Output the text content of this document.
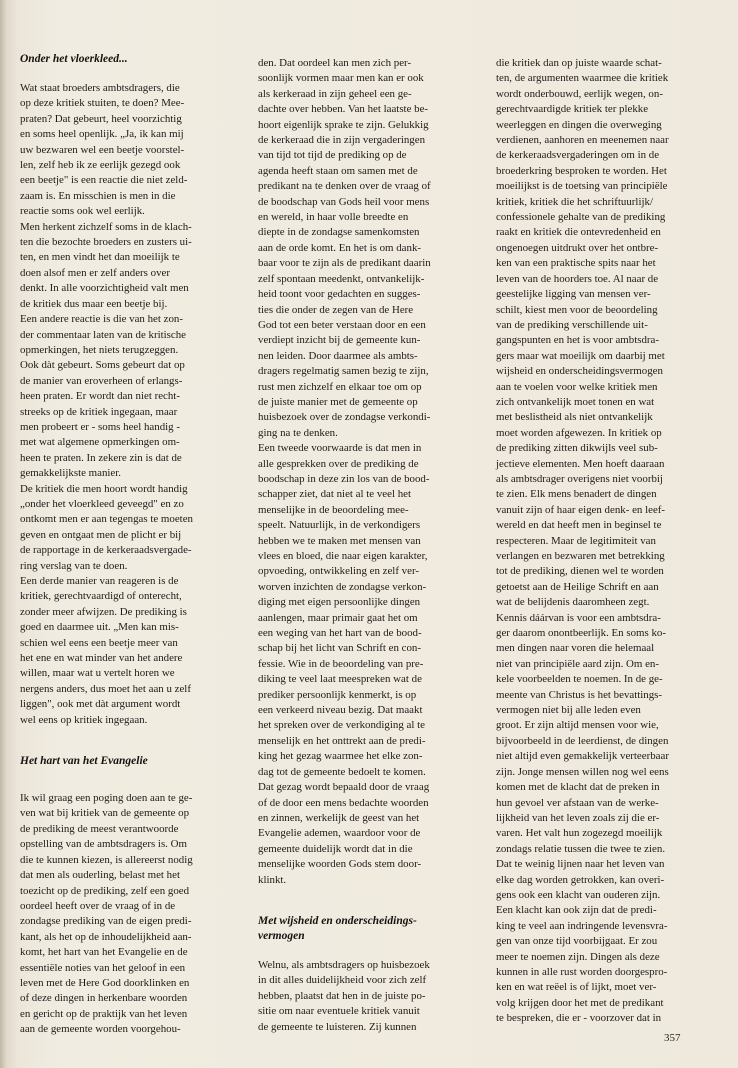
Onder het vloerkleed...

Wat staat broeders ambtsdragers, die
op deze kritiek stuiten, te doen? Mee-
praten? Dat gebeurt, heel voorzichtig
en soms heel openlijk. „Ja, ik kan mij
uw bezwaren wel een beetje voorstel-
len, zelf heb ik ze eerlijk gezegd ook
een beetje" is een reactie die niet zeld-
zaam is. En misschien is men in die
reactie soms ook wel eerlijk.
Men herkent zichzelf soms in de klach-
ten die bezochte broeders en zusters ui-
ten, en men vindt het dan moeilijk te
doen alsof men er zelf anders over
denkt. In alle voorzichtigheid valt men
de kritiek dus maar een beetje bij.
Een andere reactie is die van het zon-
der commentaar laten van de kritische
opmerkingen, het niets terugzeggen.
Ook dàt gebeurt. Soms gebeurt dat op
de manier van eroverheen of erlangs-
heen praten. Er wordt dan niet recht-
streeks op de kritiek ingegaan, maar
men probeert er - soms heel handig -
met wat algemene opmerkingen om-
heen te praten. In zekere zin is dat de
gemakkelijkste manier.
De kritiek die men hoort wordt handig
„onder het vloerkleed geveegd" en zo
ontkomt men er aan tegengas te moeten
geven en ontgaat men de plicht er bij
de rapportage in de kerkeraadsvergade-
ring verslag van te doen.
Een derde manier van reageren is de
kritiek, gerechtvaardigd of onterecht,
zonder meer afwijzen. De prediking is
goed en daarmee uit. „Men kan mis-
schien wel eens een beetje meer van
het ene en wat minder van het andere
willen, maar wat u vertelt horen we
nergens anders, dus moet het aan u zelf
liggen", ook met dàt argument wordt
wel eens op kritiek ingegaan.

Het hart van het Evangelie

Ik wil graag een poging doen aan te ge-
ven wat bij kritiek van de gemeente op
de prediking de meest verantwoorde
opstelling van de ambtsdragers is. Om
die te kunnen kiezen, is allereerst nodig
dat men als ouderling, belast met het
toezicht op de prediking, zelf een goed
oordeel heeft over de vraag of in de
zondagse prediking van de eigen predi-
kant, als het op de inhoudelijkheid aan-
komt, het hart van het Evangelie en de
essentiële noties van het geloof in een
leven met de Here God doorklinken en
of deze dingen in herkenbare woorden
en gericht op de praktijk van het leven
aan de gemeente worden voorgehou-

den. Dat oordeel kan men zich per-
soonlijk vormen maar men kan er ook
als kerkeraad in zijn geheel een ge-
dachte over hebben. Van het laatste be-
hoort eigenlijk sprake te zijn. Gelukkig
de kerkeraad die in zijn vergaderingen
van tijd tot tijd de prediking op de
agenda heeft staan om samen met de
predikant na te denken over de vraag of
de boodschap van Gods heil voor mens
en wereld, in haar volle breedte en
diepte in de zondagse samenkomsten
aan de orde komt. En het is om dank-
baar voor te zijn als de predikant daarin
zelf spontaan meedenkt, ontvankelijk-
heid toont voor gedachten en sugges-
ties die onder de zegen van de Here
God tot een beter verstaan door en een
verdiept inzicht bij de gemeente kun-
nen leiden. Door daarmee als ambts-
dragers regelmatig samen bezig te zijn,
rust men zichzelf en elkaar toe om op
de juiste manier met de gemeente op
huisbezoek over de zondagse verkondi-
ging na te denken.
Een tweede voorwaarde is dat men in
alle gesprekken over de prediking de
boodschap in deze zin los van de bood-
schapper ziet, dat niet al te veel het
menselijke in de beoordeling mee-
speelt. Natuurlijk, in de verkondigers
hebben we te maken met mensen van
vlees en bloed, die naar eigen karakter,
opvoeding, ontwikkeling en zelf ver-
worven inzichten de zondagse verkon-
diging met eigen persoonlijke dingen
aanlengen, maar primair gaat het om
een weging van het hart van de bood-
schap bij het licht van Schrift en con-
fessie. Wie in de beoordeling van pre-
diking te veel laat meespreken wat de
prediker persoonlijk kenmerkt, is op
een verkeerd niveau bezig. Dat maakt
het spreken over de verkondiging al te
menselijk en het onttrekt aan de predi-
king het gezag waarmee het elke zon-
dag tot de gemeente bedoelt te komen.
Dat gezag wordt bepaald door de vraag
of de door een mens bedachte woorden
en zinnen, werkelijk de geest van het
Evangelie ademen, waardoor voor de
gemeente duidelijk wordt dat in die
menselijke woorden Gods stem door-
klinkt.

Met wijsheid en onderscheidings-
vermogen

Welnu, als ambtsdragers op huisbezoek
in dit alles duidelijkheid voor zich zelf
hebben, plaatst dat hen in de juiste po-
sitie om naar eventuele kritiek vanuit
de gemeente te luisteren. Zij kunnen

die kritiek dan op juiste waarde schat-
ten, de argumenten waarmee die kritiek
wordt onderbouwd, eerlijk wegen, on-
gerechtvaardigde kritiek ter plekke
weerleggen en dingen die overweging
verdienen, aanhoren en meenemen naar
de kerkeraadsvergaderingen om in de
broederkring besproken te worden. Het
moeilijkst is de toetsing van principiële
kritiek, kritiek die het schriftuurlijk/
confessionele gehalte van de prediking
raakt en kritiek die ontevredenheid en
ongenoegen uitdrukt over het ontbre-
ken van een praktische spits naar het
leven van de hoorders toe. Al naar de
geestelijke ligging van mensen ver-
schilt, kiest men voor de beoordeling
van de prediking verschillende uit-
gangspunten en het is voor ambtsdra-
gers maar wat moeilijk om daarbij met
wijsheid en onderscheidingsvermogen
aan te voelen voor welke kritiek men
zich ontvankelijk moet tonen en wat
met beslistheid als niet ontvankelijk
moet worden afgewezen. In kritiek op
de prediking zitten dikwijls veel sub-
jectieve elementen. Men hoeft daaraan
als ambtsdrager overigens niet voorbij
te zien. Elk mens benadert de dingen
vanuit zijn of haar eigen denk- en leef-
wereld en dat heeft men in beginsel te
respecteren. Maar de legitimiteit van
verlangen en bezwaren met betrekking
tot de prediking, dienen wel te worden
getoetst aan de Heilige Schrift en aan
wat de belijdenis daaromheen zegt.
Kennis dáárvan is voor een ambtsdra-
ger daarom onontbeerlijk. En soms ko-
men dingen naar voren die helemaal
niet van principiële aard zijn. Om en-
kele voorbeelden te noemen. In de ge-
meente van Christus is het bevattings-
vermogen niet bij alle leden even
groot. Er zijn altijd mensen voor wie,
bijvoorbeeld in de leerdienst, de dingen
niet altijd even gemakkelijk verteerbaar
zijn. Jonge mensen willen nog wel eens
komen met de klacht dat de preken in
hun gevoel ver afstaan van de werke-
lijkheid van het leven zoals zij die er-
varen. Het valt hun zogezegd moeilijk
zondags relatie tussen die twee te zien.
Dat te weinig lijnen naar het leven van
elke dag worden getrokken, kan overi-
gens ook een klacht van ouderen zijn.
Een klacht kan ook zijn dat de predi-
king te veel aan indringende levensvra-
gen van onze tijd voorbijgaat. Er zou
meer te noemen zijn. Dingen als deze
kunnen in alle rust worden doorgespro-
ken en wat reëel is of lijkt, moet ver-
volg krijgen door het met de predikant
te bespreken, die er - voorzover dat in

357
